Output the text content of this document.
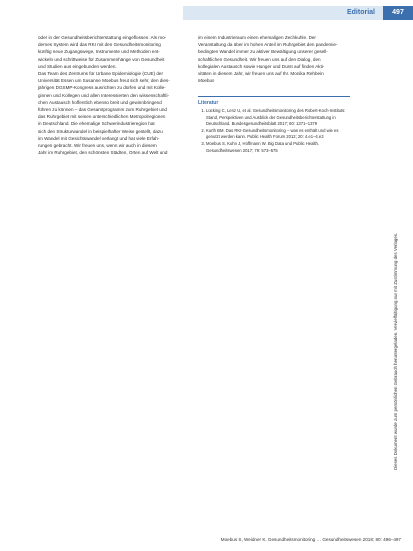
Editorial	497

oder in der Gesundheitsberichterstattung eingeflossen. Als mo-

dernes System wird das RKI mit den Gesundheitsmonitoring

künftig neue Zugangswege, Instrumente und Methoden ent-

wickeln und schrittweise für Zusammenhänge von Gesundheit

und Studien aus eingebunden werden.

Das Team des Zentrums für Urbane Epidemiologie (CUE) der

Universität Essen um Susanne Moebus freut sich sehr, den dies-

jährigen DGSMP-Kongress ausrichten zu dürfen und mit Kolle-

ginnen und Kollegen und allen Interessierten den wissenschaftli-

chen Austausch hoffentlich ebenso breit und gewinnbringend

führen zu können – das Gesamtprogramm zum Ruhrgebiet und

das Ruhrgebiet mit seinen unterschiedlichen Metropolregionen

in Deutschland. Die ehemalige Schwerindustrieregion hat

sich den Strukturwandel in beispielhafter Weise gestellt, dazu

im Wandel mit Gesichtswandel verlangt und hat viele Erfah-

rungen gebracht. Wir freuen uns, wenn wir auch in diesem

Jahr im Ruhrgebiet, den schönsten Städten, Orten auf Welt und

im einem Industrieraum einen ehemaligen Zechkuhle. Der

Veranstaltung da über im hohen Anteil im Ruhrgebiet den pandemie-

bedingten Wandel immer zu aktiver Bewältigung unserer gesell-

schaftlichen Gesundheit. Wir freuen uns auf den Dialog, den

kollegialen Austausch sowie Hunger und Durst auf finden Akti-

vitäten in diesem Jahr, wir freuen uns auf Ihr. Monika Rehbein

Moebus

Literatur
1. Lücking C, Lenz U, et al. Gesundheitsmonitoring des Robert-Koch-Instituts: Stand, Perspektiven und Ausblick der Gesundheitsberichterstattung in Deutschland. Bundesgesundheitsblatt 2017; 60: 1371–1379
2. Kurth BM. Das RKI-Gesundheitsmonitoring – was es enthält und wie es genutzt werden kann. Public Health Forum 2012; 20: 4.e1–4.e3
3. Moebus S, Kuhn J, Hoffmann W. Big Data und Public Health. Gesundheitswesen 2017; 79: 573–575
Dieses Dokument wurde zum persönlichen Gebrauch heruntergeladen. Vervielfältigung nur mit Zustimmung des Verlages.
Moebus S, Weidner K. Gesundheitsmonitoring … Gesundheitswesen 2018; 80: 496–497
